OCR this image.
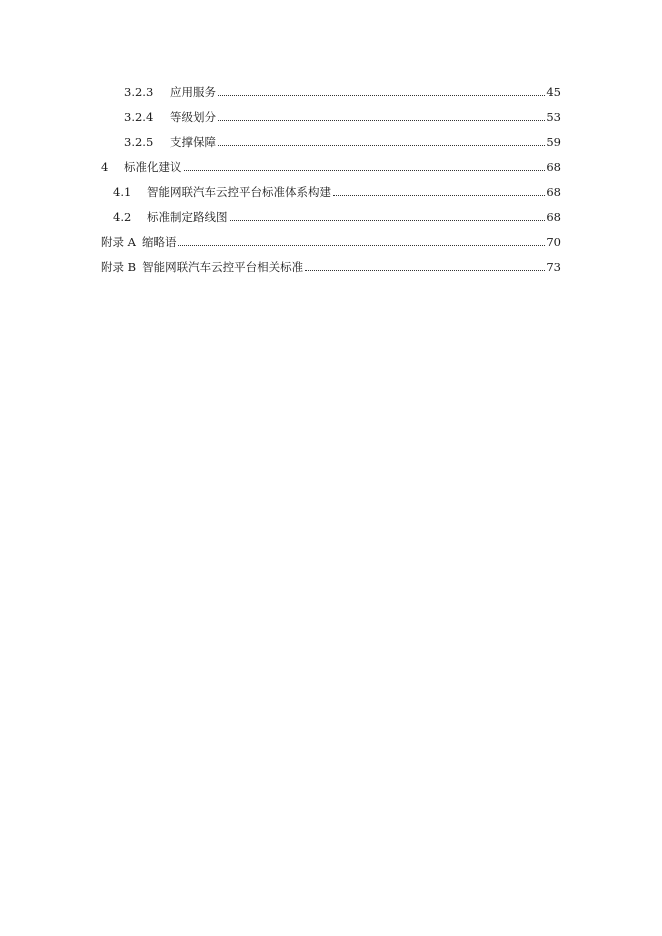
3.2.3	应用服务	45
3.2.4	等级划分	53
3.2.5	支撑保障	59
4	标准化建议	68
4.1	智能网联汽车云控平台标准体系构建	68
4.2	标准制定路线图	68
附录 A 缩略语	70
附录 B 智能网联汽车云控平台相关标准	73
